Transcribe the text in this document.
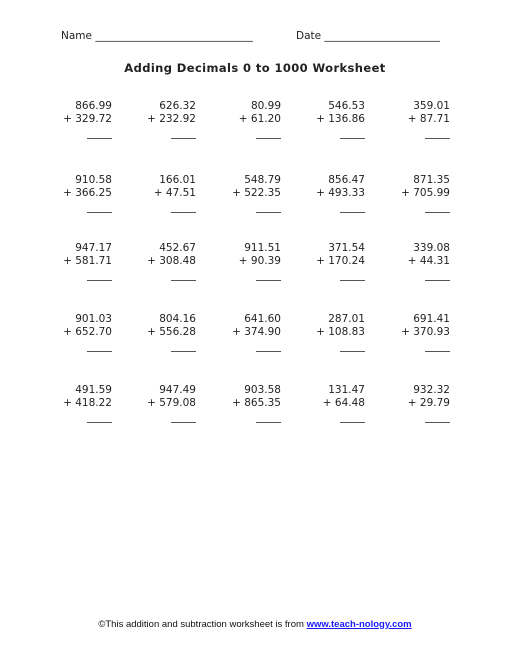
Name ______________________________	Date ______________________
Adding Decimals 0 to 1000 Worksheet
866.99
+ 329.72
626.32
+ 232.92
80.99
+ 61.20
546.53
+ 136.86
359.01
+ 87.71
910.58
+ 366.25
166.01
+ 47.51
548.79
+ 522.35
856.47
+ 493.33
871.35
+ 705.99
947.17
+ 581.71
452.67
+ 308.48
911.51
+ 90.39
371.54
+ 170.24
339.08
+ 44.31
901.03
+ 652.70
804.16
+ 556.28
641.60
+ 374.90
287.01
+ 108.83
691.41
+ 370.93
491.59
+ 418.22
947.49
+ 579.08
903.58
+ 865.35
131.47
+ 64.48
932.32
+ 29.79
©This addition and subtraction worksheet is from www.teach-nology.com
